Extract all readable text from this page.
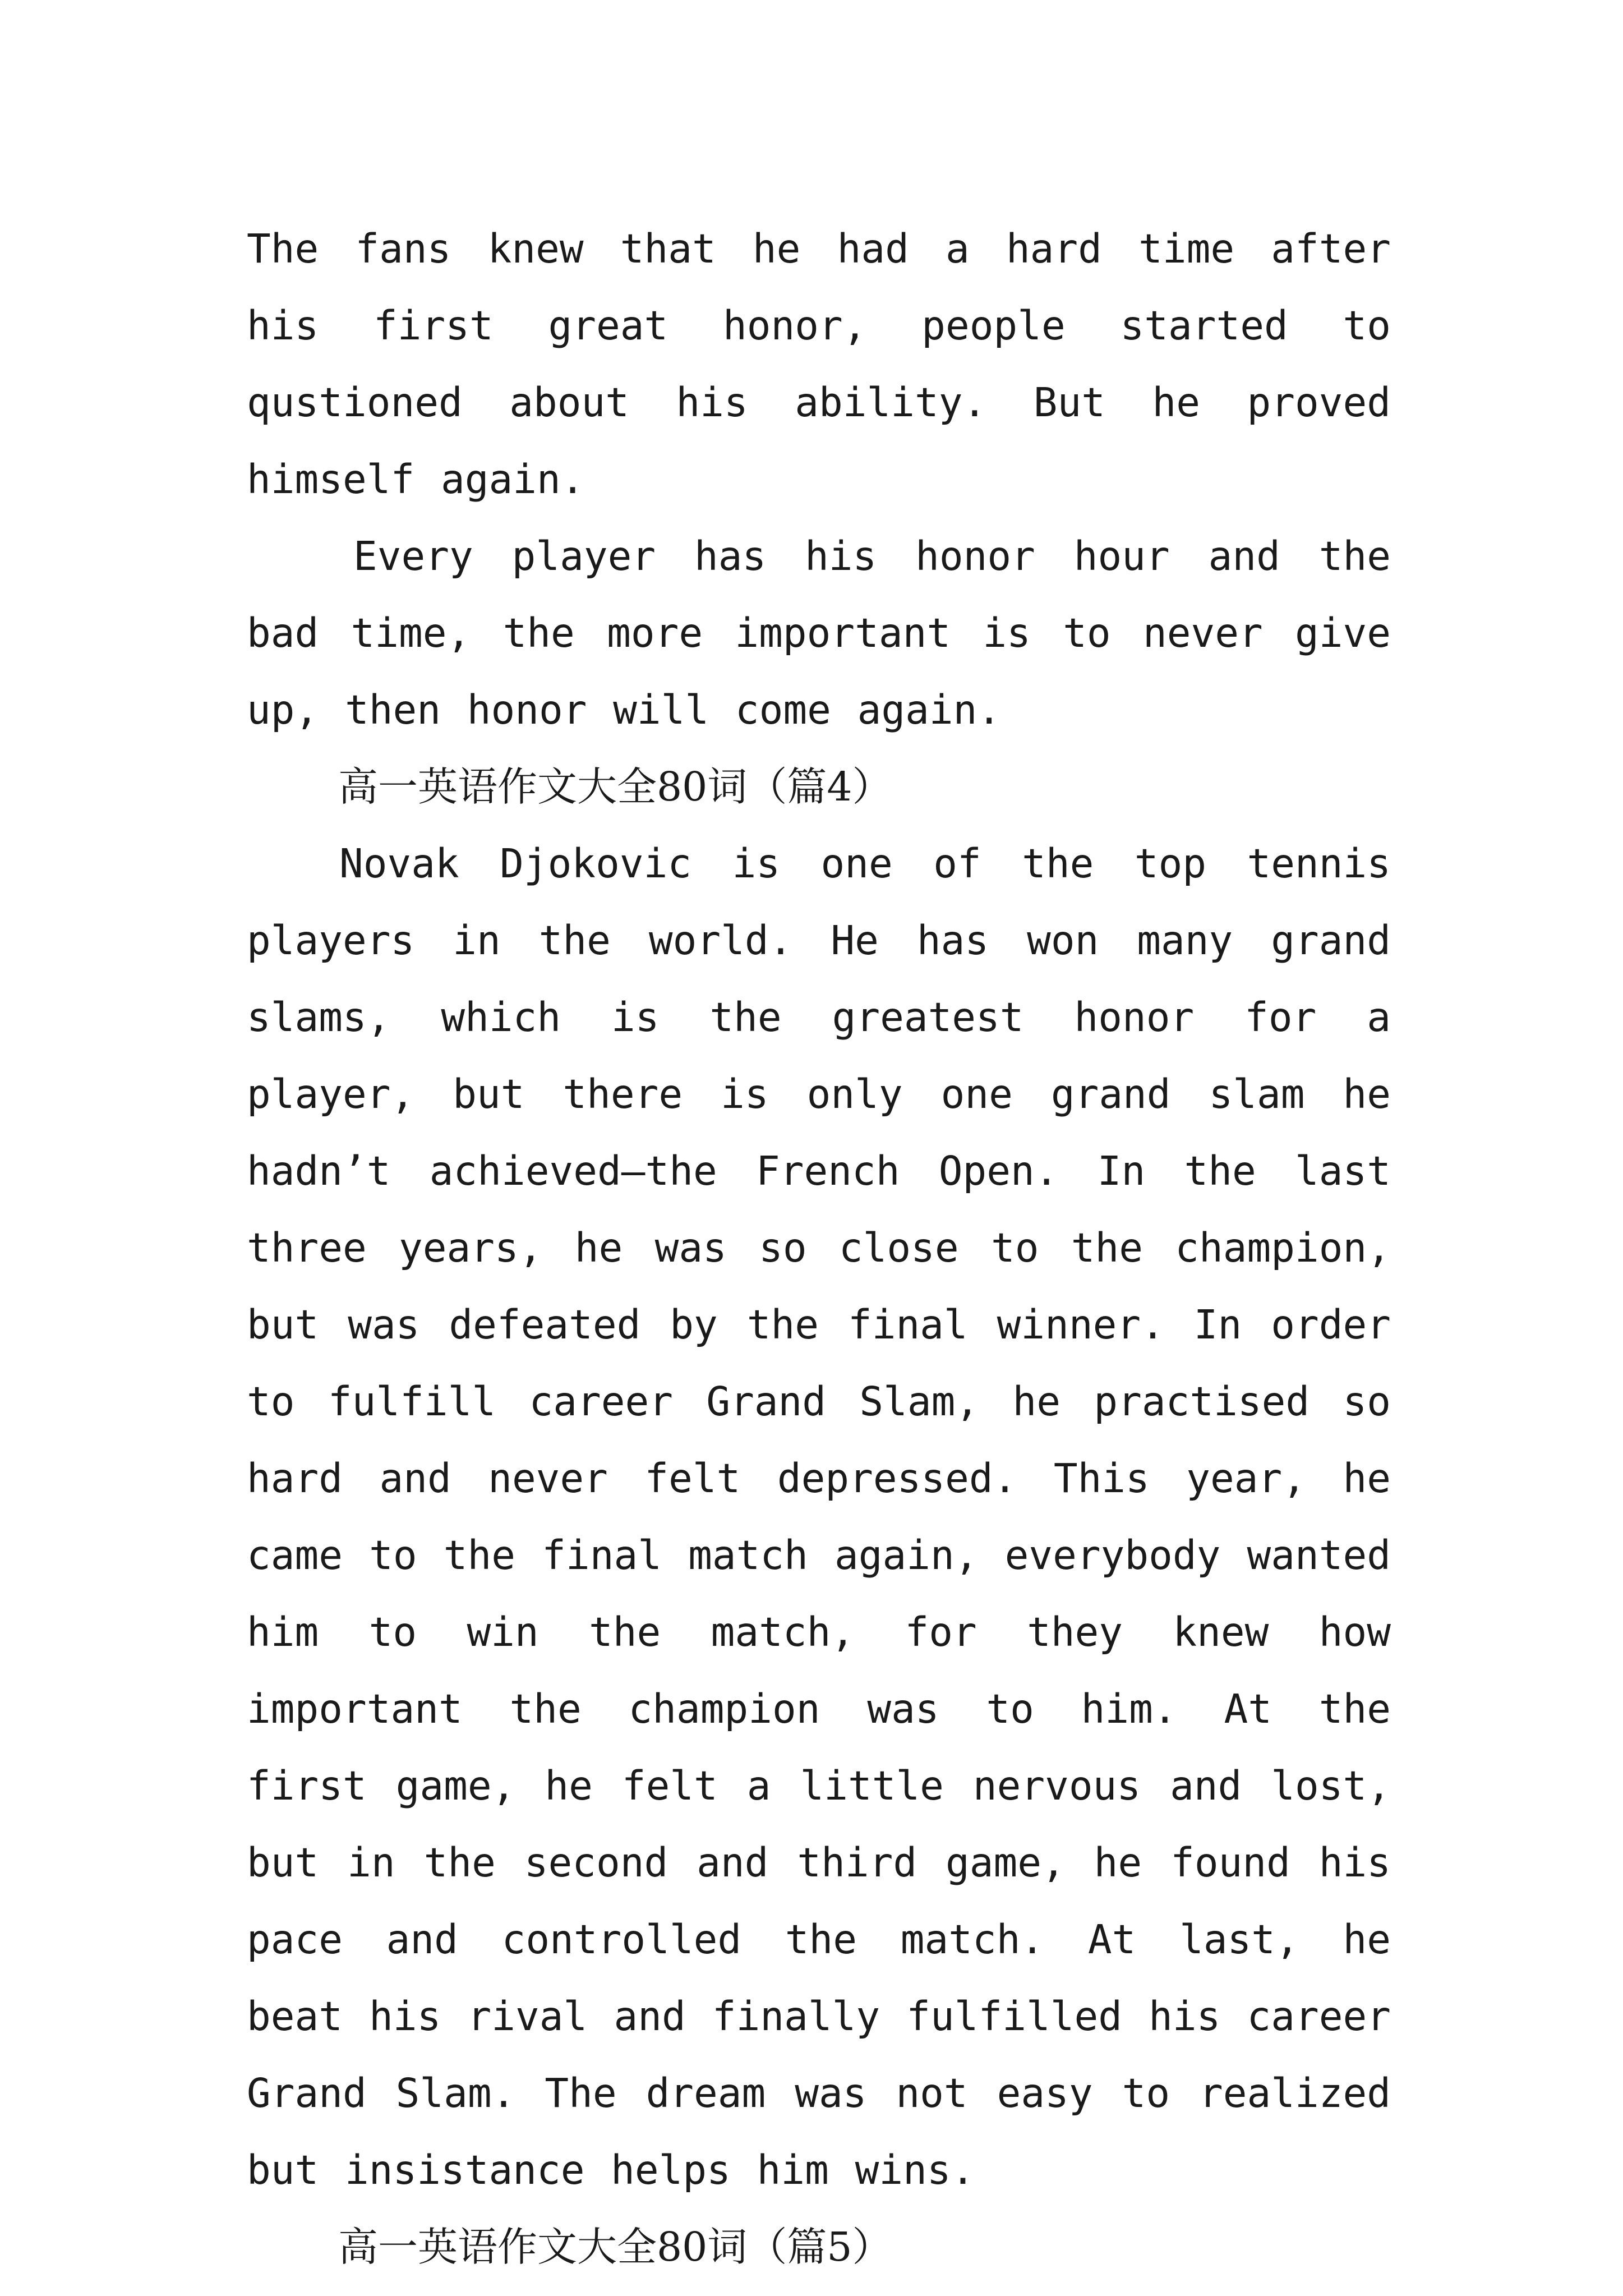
The fans knew that he had a hard time after his first great honor, people started to qustioned about his ability. But he proved himself again.

Every player has his honor hour and the bad time, the more important is to never give up, then honor will come again.

高一英语作文大全80词（篇4）

Novak Djokovic is one of the top tennis players in the world. He has won many grand slams, which is the greatest honor for a player, but there is only one grand slam he hadn’t achieved—the French Open. In the last three years, he was so close to the champion, but was defeated by the final winner. In order to fulfill career Grand Slam, he practised so hard and never felt depressed. This year, he came to the final match again, everybody wanted him to win the match, for they knew how important the champion was to him. At the first game, he felt a little nervous and lost, but in the second and third game, he found his pace and controlled the match. At last, he beat his rival and finally fulfilled his career Grand Slam. The dream was not easy to realized but insistance helps him wins.

高一英语作文大全80词（篇5）
